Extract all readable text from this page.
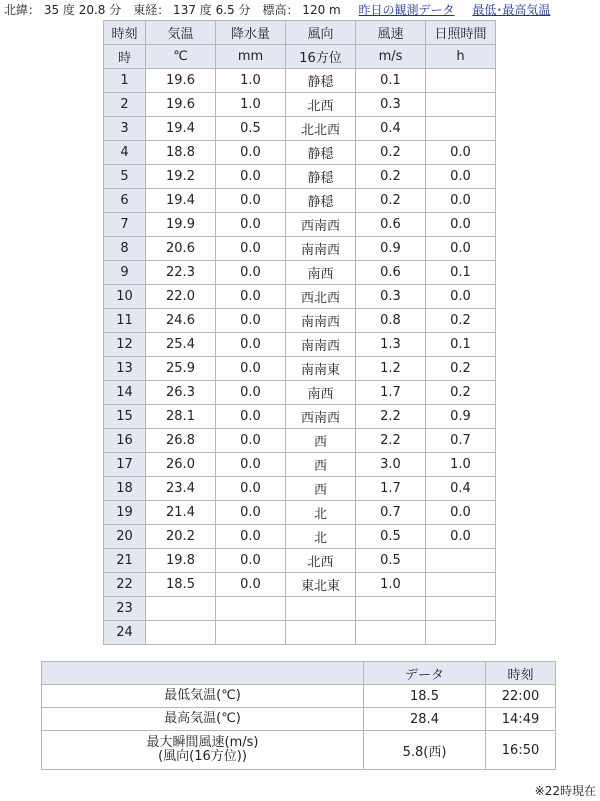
北緯： 35 度 20.8 分　東経： 137 度 6.5 分　標高： 120 m 昨日の観測データ 最低･最高気温
時刻	気温	降水量	風向	風速	日照時間
時	℃	mm	16方位	m/s	h
1	19.6	1.0	静穏	0.1	
2	19.6	1.0	北西	0.3	
3	19.4	0.5	北北西	0.4	
4	18.8	0.0	静穏	0.2	0.0
5	19.2	0.0	静穏	0.2	0.0
6	19.4	0.0	静穏	0.2	0.0
7	19.9	0.0	西南西	0.6	0.0
8	20.6	0.0	南南西	0.9	0.0
9	22.3	0.0	南西	0.6	0.1
10	22.0	0.0	西北西	0.3	0.0
11	24.6	0.0	南南西	0.8	0.2
12	25.4	0.0	南南西	1.3	0.1
13	25.9	0.0	南南東	1.2	0.2
14	26.3	0.0	南西	1.7	0.2
15	28.1	0.0	西南西	2.2	0.9
16	26.8	0.0	西	2.2	0.7
17	26.0	0.0	西	3.0	1.0
18	23.4	0.0	西	1.7	0.4
19	21.4	0.0	北	0.7	0.0
20	20.2	0.0	北	0.5	0.0
21	19.8	0.0	北西	0.5	
22	18.5	0.0	東北東	1.0	
23					
24					
	データ	時刻
最低気温(℃)	18.5	22:00
最高気温(℃)	28.4	14:49
最大瞬間風速(m/s)
(風向(16方位))	5.8(西)	16:50
※22時現在
